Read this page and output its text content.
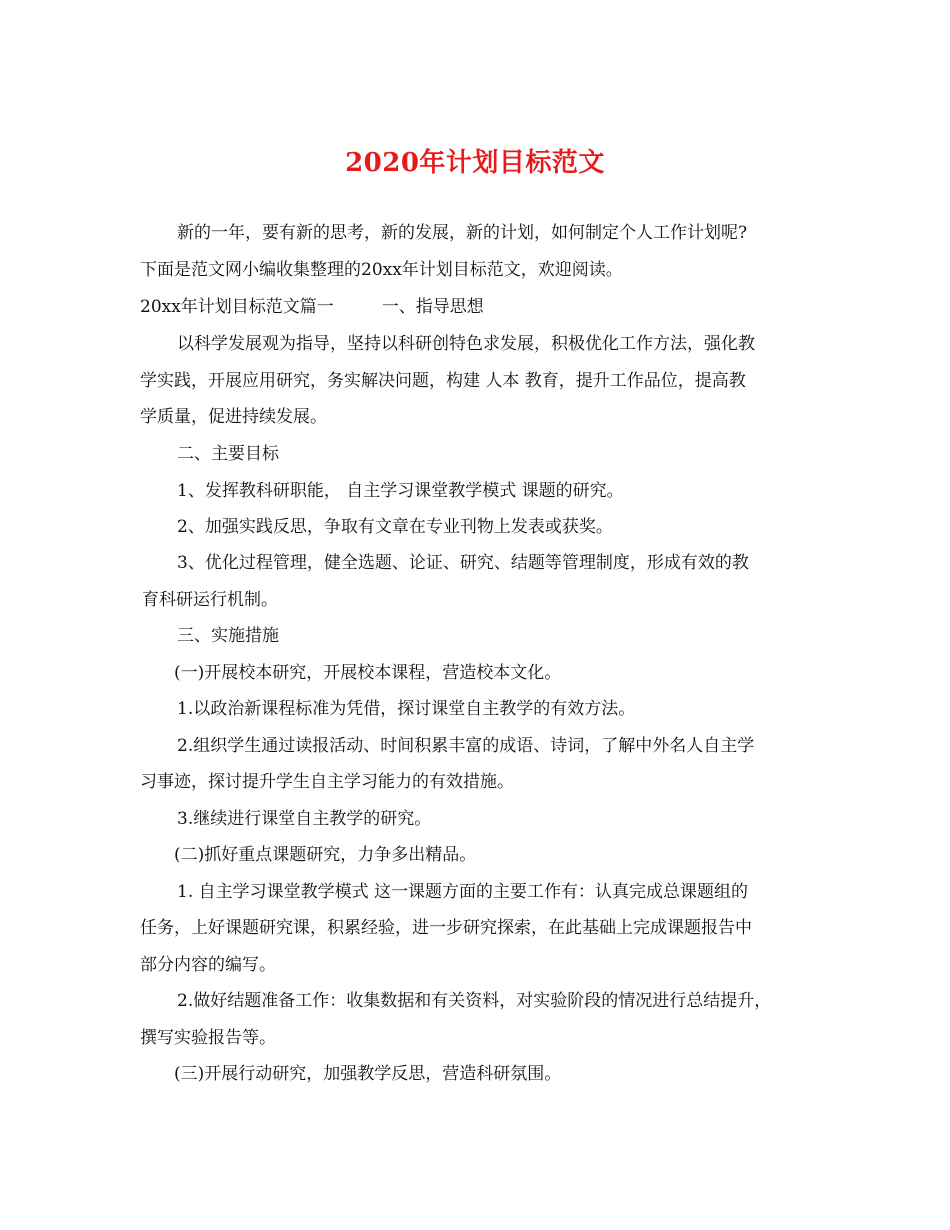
2020年计划目标范文
新的一年，要有新的思考，新的发展，新的计划，如何制定个人工作计划呢?
下面是范文网小编收集整理的20xx年计划目标范文，欢迎阅读。
20xx年计划目标范文篇一	一、指导思想
以科学发展观为指导，坚持以科研创特色求发展，积极优化工作方法，强化教
学实践，开展应用研究，务实解决问题，构建 人本 教育，提升工作品位，提高教
学质量，促进持续发展。
二、主要目标
1、发挥教科研职能， 自主学习课堂教学模式 课题的研究。
2、加强实践反思，争取有文章在专业刊物上发表或获奖。
3、优化过程管理，健全选题、论证、研究、结题等管理制度，形成有效的教
育科研运行机制。
三、实施措施
(一)开展校本研究，开展校本课程，营造校本文化。
1.以政治新课程标准为凭借，探讨课堂自主教学的有效方法。
2.组织学生通过读报活动、时间积累丰富的成语、诗词，了解中外名人自主学
习事迹，探讨提升学生自主学习能力的有效措施。
3.继续进行课堂自主教学的研究。
(二)抓好重点课题研究，力争多出精品。
1. 自主学习课堂教学模式 这一课题方面的主要工作有：认真完成总课题组的
任务，上好课题研究课，积累经验，进一步研究探索，在此基础上完成课题报告中
部分内容的编写。
2.做好结题准备工作：收集数据和有关资料，对实验阶段的情况进行总结提升，
撰写实验报告等。
(三)开展行动研究，加强教学反思，营造科研氛围。
